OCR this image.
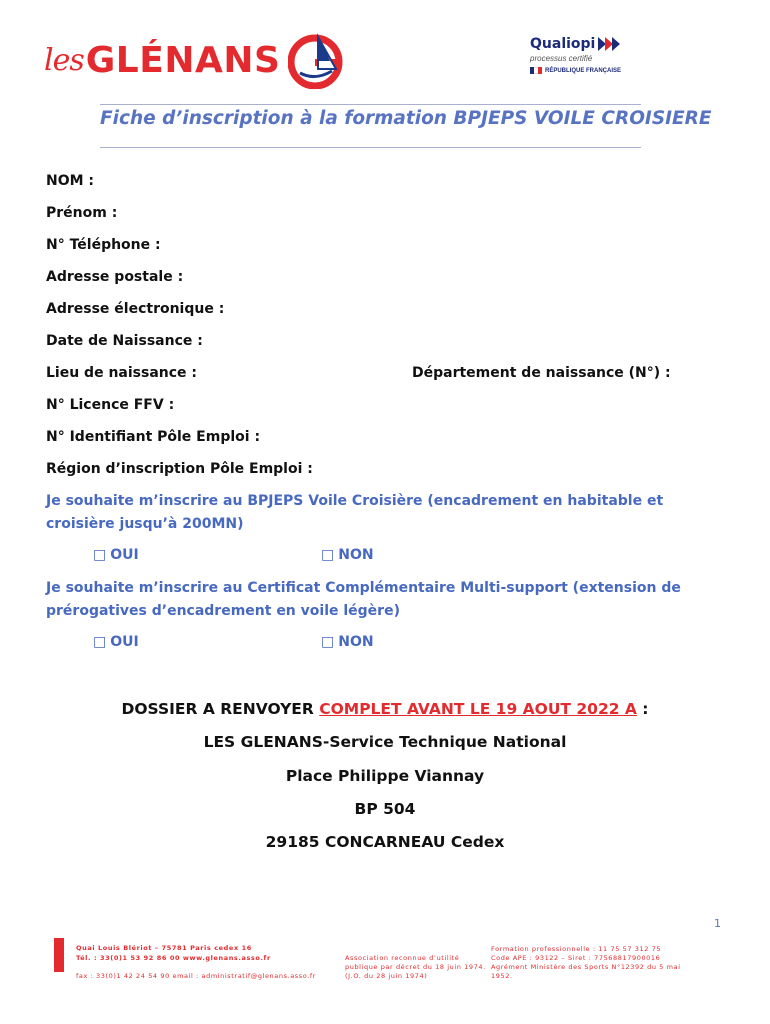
les GLÉNANS	Qualiopi
processus certifié
RÉPUBLIQUE FRANÇAISE
Fiche d’inscription à la formation BPJEPS VOILE CROISIERE
NOM :
Prénom :
N° Téléphone :
Adresse postale :
Adresse électronique :
Date de Naissance :
Lieu de naissance :	Département de naissance (N°) :
N° Licence FFV :
N° Identifiant Pôle Emploi :
Région d’inscription Pôle Emploi :
Je souhaite m’inscrire au BPJEPS Voile Croisière (encadrement en habitable et croisière jusqu’à 200MN)
□ OUI	□ NON
Je souhaite m’inscrire au Certificat Complémentaire Multi-support (extension de prérogatives d’encadrement en voile légère)
□ OUI	□ NON
DOSSIER A RENVOYER COMPLET AVANT LE 19 AOUT 2022 A :
LES GLENANS-Service Technique National
Place Philippe Viannay
BP 504
29185 CONCARNEAU Cedex
1
Quai Louis Blériot – 75781 Paris cedex 16
Tél. : 33(0)1 53 92 86 00 www.glenans.asso.fr
fax : 33(0)1 42 24 54 90 email : administratif@glenans.asso.fr
Association reconnue d’utilité
publique par décret du 18 juin 1974.
(J.O. du 28 juin 1974)
Formation professionnelle : 11 75 57 312 75
Code APE : 93122 – Siret : 77568817900016
Agrément Ministère des Sports N°12392 du 5 mai
1952.
